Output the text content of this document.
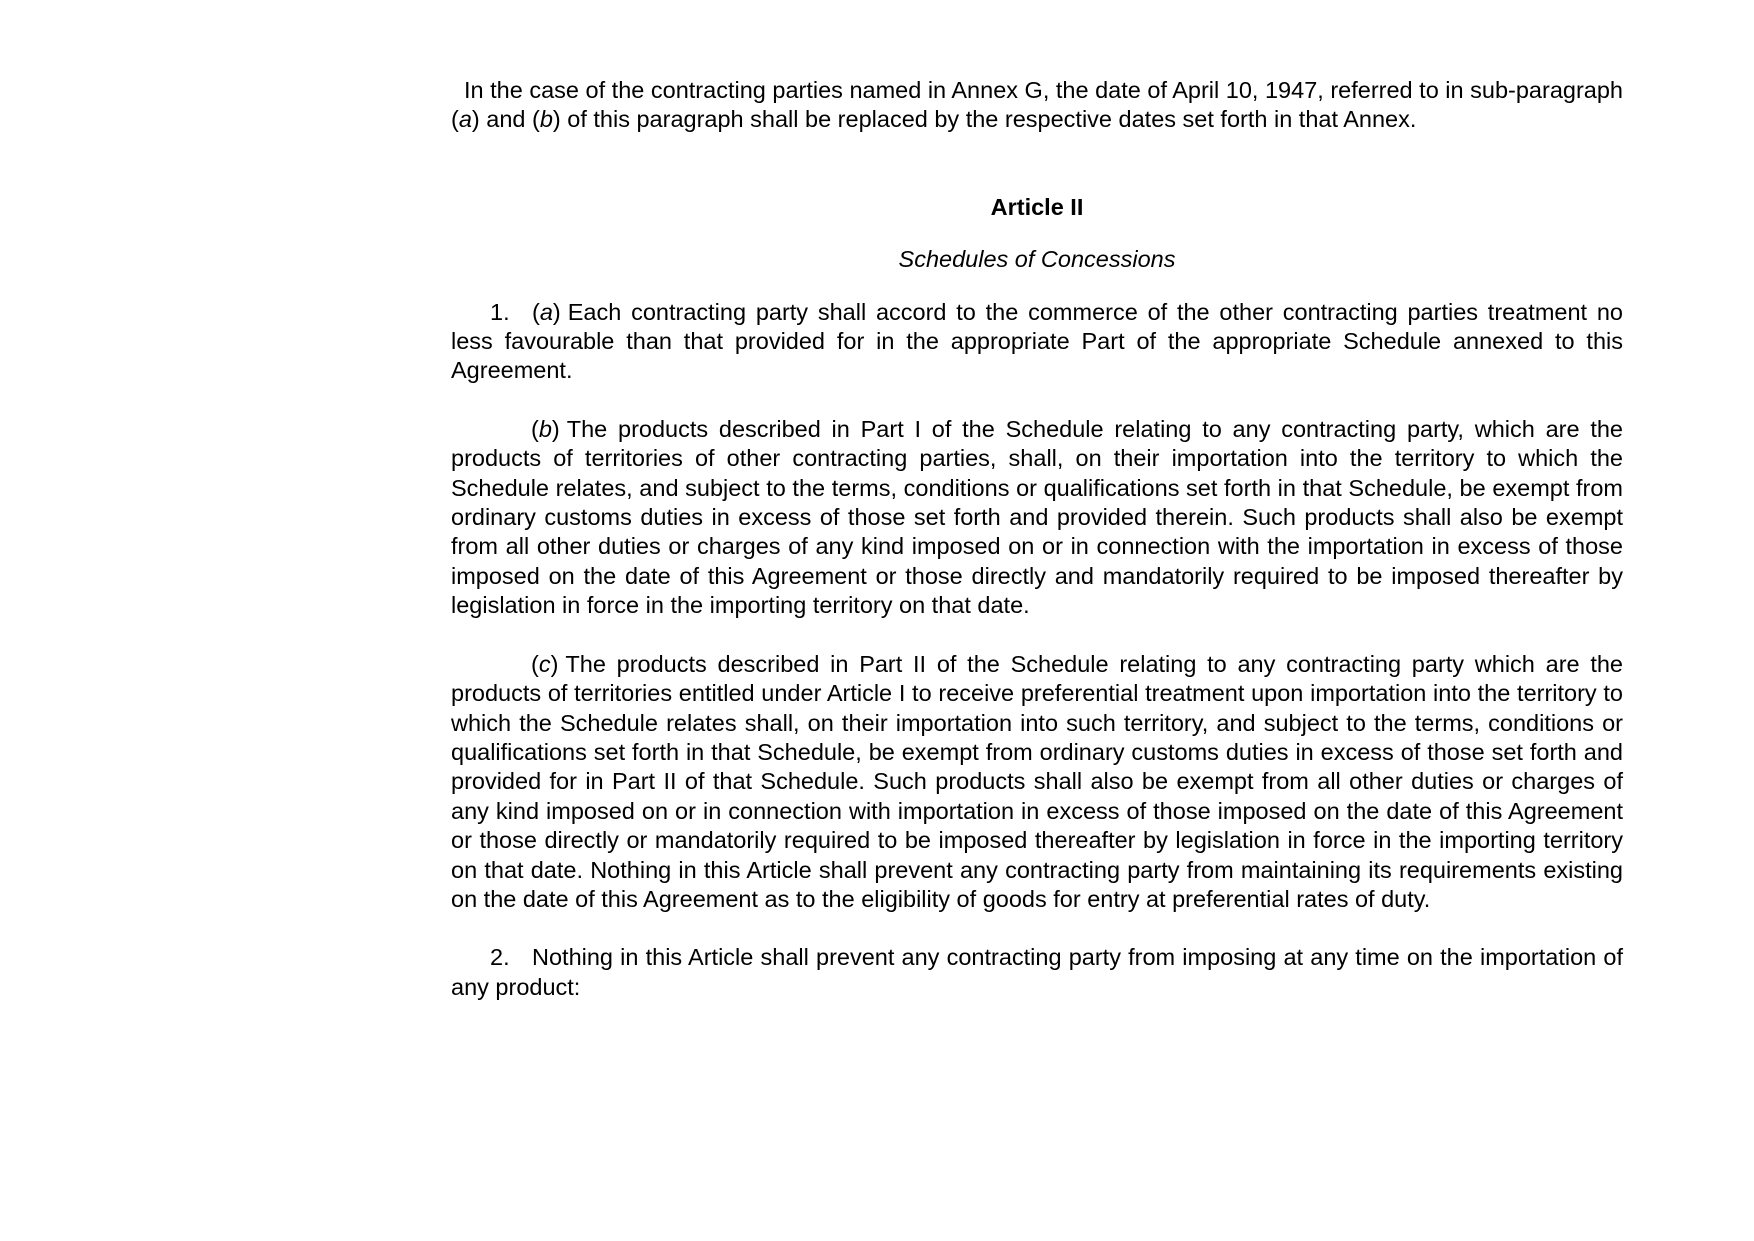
In the case of the contracting parties named in Annex G, the date of April 10, 1947, referred to in sub-paragraph (a) and (b) of this paragraph shall be replaced by the respective dates set forth in that Annex.

Article II

Schedules of Concessions

1. (a) Each contracting party shall accord to the commerce of the other contracting parties treatment no less favourable than that provided for in the appropriate Part of the appropriate Schedule annexed to this Agreement.

(b) The products described in Part I of the Schedule relating to any contracting party, which are the products of territories of other contracting parties, shall, on their importation into the territory to which the Schedule relates, and subject to the terms, conditions or qualifications set forth in that Schedule, be exempt from ordinary customs duties in excess of those set forth and provided therein. Such products shall also be exempt from all other duties or charges of any kind imposed on or in connection with the importation in excess of those imposed on the date of this Agreement or those directly and mandatorily required to be imposed thereafter by legislation in force in the importing territory on that date.

(c) The products described in Part II of the Schedule relating to any contracting party which are the products of territories entitled under Article I to receive preferential treatment upon importation into the territory to which the Schedule relates shall, on their importation into such territory, and subject to the terms, conditions or qualifications set forth in that Schedule, be exempt from ordinary customs duties in excess of those set forth and provided for in Part II of that Schedule. Such products shall also be exempt from all other duties or charges of any kind imposed on or in connection with importation in excess of those imposed on the date of this Agreement or those directly or mandatorily required to be imposed thereafter by legislation in force in the importing territory on that date. Nothing in this Article shall prevent any contracting party from maintaining its requirements existing on the date of this Agreement as to the eligibility of goods for entry at preferential rates of duty.

2. Nothing in this Article shall prevent any contracting party from imposing at any time on the importation of any product:
